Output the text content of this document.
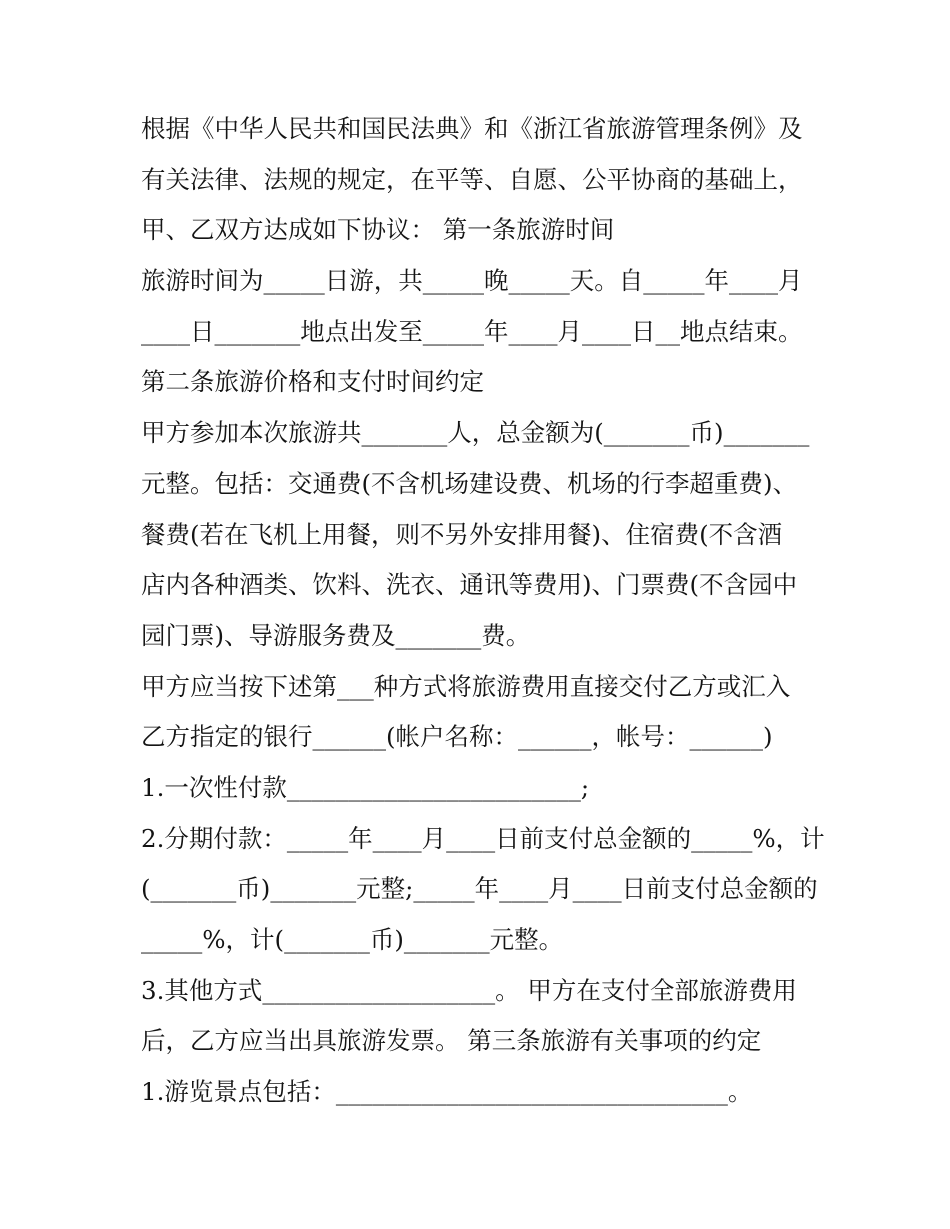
根据《中华人民共和国民法典》和《浙江省旅游管理条例》及
有关法律、法规的规定，在平等、自愿、公平协商的基础上，
甲、乙双方达成如下协议： 第一条旅游时间
旅游时间为_____日游，共_____晚_____天。自_____年____月
____日_______地点出发至_____年____月____日__地点结束。
第二条旅游价格和支付时间约定
甲方参加本次旅游共_______人，总金额为(_______币)_______
元整。包括：交通费(不含机场建设费、机场的行李超重费)、
餐费(若在飞机上用餐，则不另外安排用餐)、住宿费(不含酒
店内各种酒类、饮料、洗衣、通讯等费用)、门票费(不含园中
园门票)、导游服务费及_______费。
甲方应当按下述第___种方式将旅游费用直接交付乙方或汇入
乙方指定的银行______(帐户名称：______，帐号：______)
1.一次性付款________________________;
2.分期付款：_____年____月____日前支付总金额的_____%，计
(_______币)_______元整;_____年____月____日前支付总金额的
_____%，计(_______币)_______元整。
3.其他方式___________________。 甲方在支付全部旅游费用
后，乙方应当出具旅游发票。 第三条旅游有关事项的约定
1.游览景点包括：________________________________。
